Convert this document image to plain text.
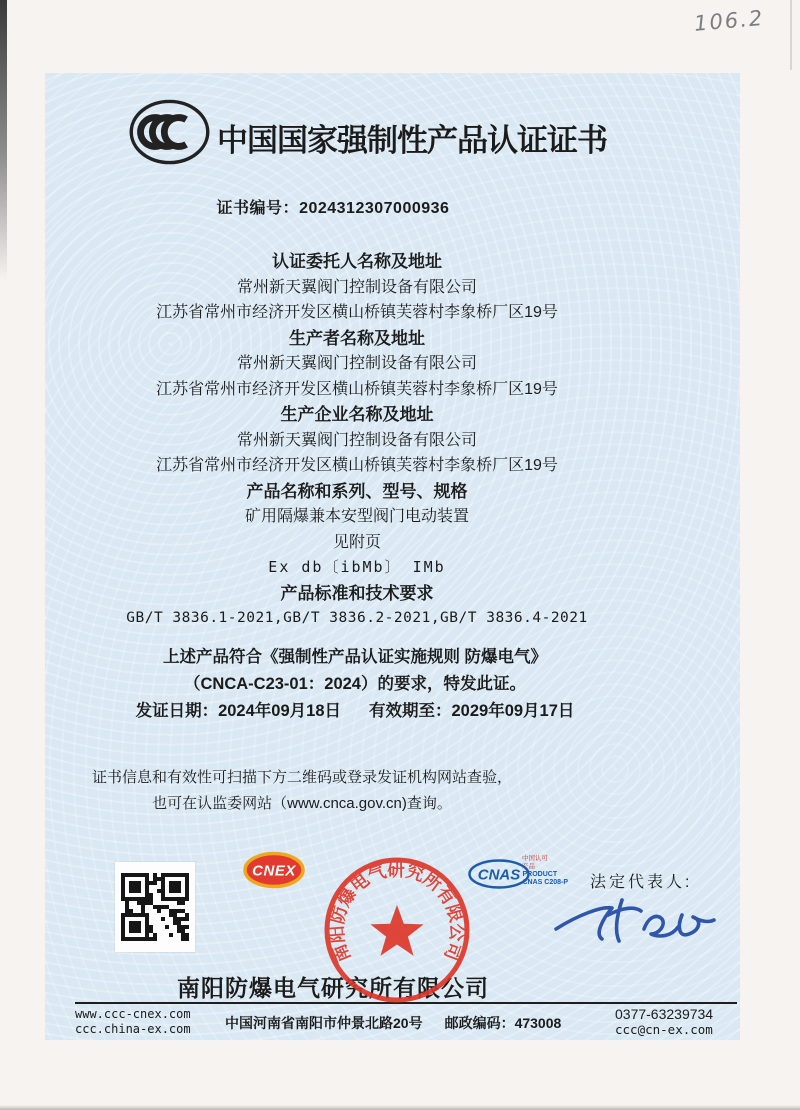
106.2
中国国家强制性产品认证证书
证书编号：2024312307000936
认证委托人名称及地址
常州新天翼阀门控制设备有限公司
江苏省常州市经济开发区横山桥镇芙蓉村李象桥厂区19号
生产者名称及地址
常州新天翼阀门控制设备有限公司
江苏省常州市经济开发区横山桥镇芙蓉村李象桥厂区19号
生产企业名称及地址
常州新天翼阀门控制设备有限公司
江苏省常州市经济开发区横山桥镇芙蓉村李象桥厂区19号
产品名称和系列、型号、规格
矿用隔爆兼本安型阀门电动装置
见附页
Ex db〔ibMb〕 IMb
产品标准和技术要求
GB/T 3836.1-2021,GB/T 3836.2-2021,GB/T 3836.4-2021
上述产品符合《强制性产品认证实施规则 防爆电气》
（CNCA-C23-01：2024）的要求，特发此证。
发证日期：2024年09月18日 有效期至：2029年09月17日
证书信息和有效性可扫描下方二维码或登录发证机构网站查验，
也可在认监委网站（www.cnca.gov.cn)查询。
CNEX
南阳防爆电气研究所有限公司
CNAS
中国认可
产品
PRODUCT
CNAS C208-P 法定代表人:
南阳防爆电气研究所有限公司
www.ccc-cnex.com
ccc.china-ex.com	中国河南省南阳市仲景北路20号 邮政编码：473008
0377-63239734
ccc@cn-ex.com
